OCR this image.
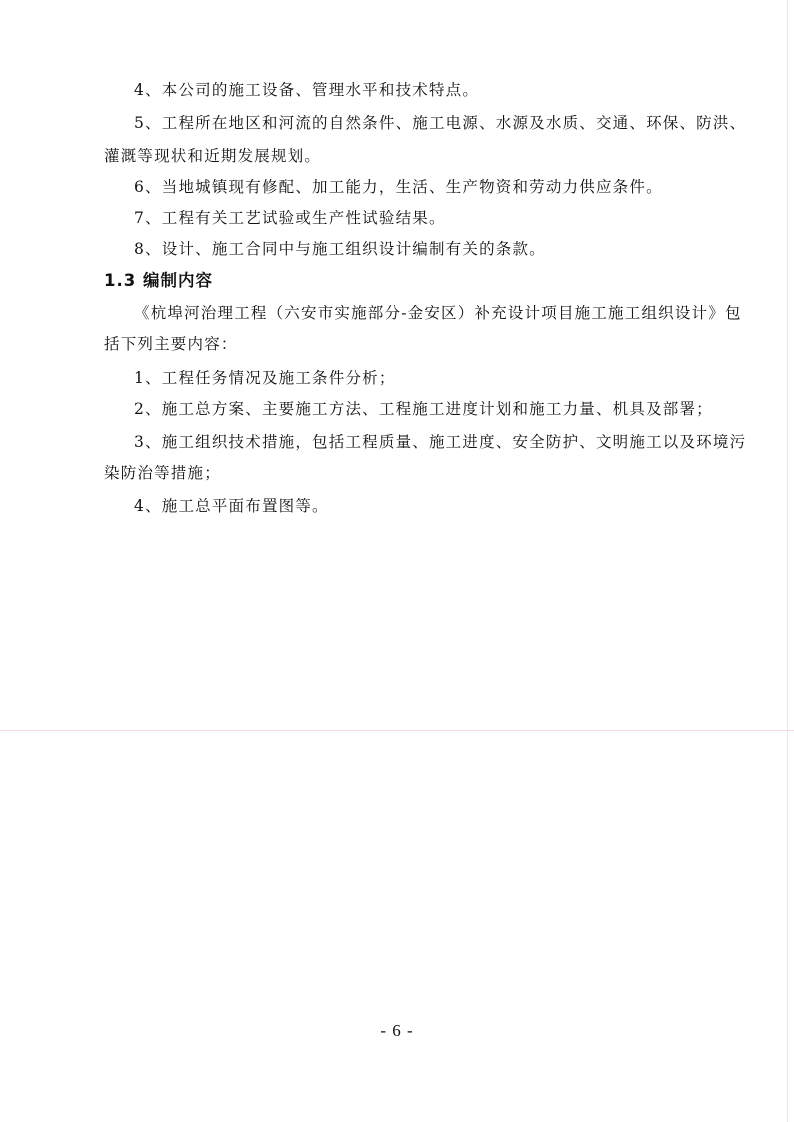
4、本公司的施工设备、管理水平和技术特点。
5、工程所在地区和河流的自然条件、施工电源、水源及水质、交通、环保、防洪、
灌溉等现状和近期发展规划。
6、当地城镇现有修配、加工能力，生活、生产物资和劳动力供应条件。
7、工程有关工艺试验或生产性试验结果。
8、设计、施工合同中与施工组织设计编制有关的条款。
1.3 编制内容
《杭埠河治理工程（六安市实施部分-金安区）补充设计项目施工施工组织设计》包
括下列主要内容：
1、工程任务情况及施工条件分析；
2、施工总方案、主要施工方法、工程施工进度计划和施工力量、机具及部署；
3、施工组织技术措施，包括工程质量、施工进度、安全防护、文明施工以及环境污
染防治等措施；
4、施工总平面布置图等。
- 6 -
